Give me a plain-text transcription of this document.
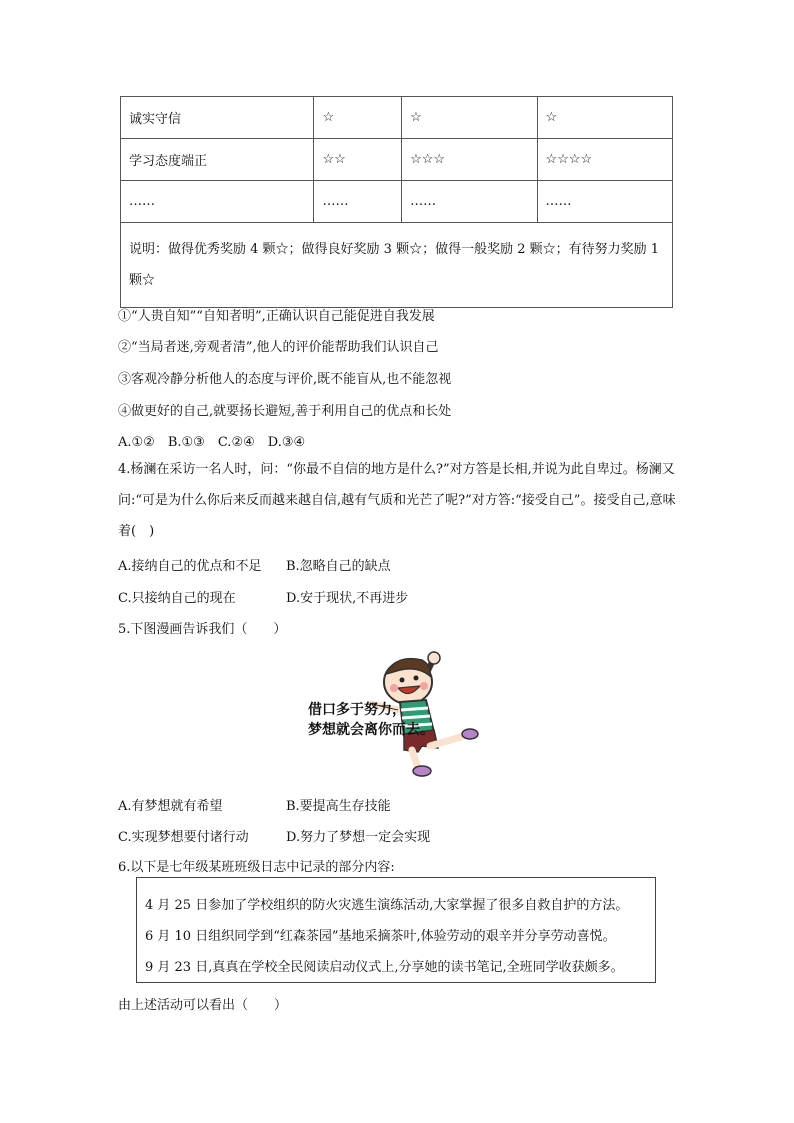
诚实守信	☆	☆	☆
学习态度端正	☆☆	☆☆☆	☆☆☆☆
……	……	……	……
说明：做得优秀奖励 4 颗☆；做得良好奖励 3 颗☆；做得一般奖励 2 颗☆；有待努力奖励 1 颗☆			
①“人贵自知”“自知者明”,正确认识自己能促进自我发展
②“当局者迷,旁观者清”,他人的评价能帮助我们认识自己
③客观冷静分析他人的态度与评价,既不能盲从,也不能忽视
④做更好的自己,就要扬长避短,善于利用自己的优点和长处
A.①②　B.①③　C.②④　D.③④
4.杨澜在采访一名人时，问：“你最不自信的地方是什么?”对方答是长相,并说为此自卑过。杨澜又问:“可是为什么你后来反而越来越自信,越有气质和光芒了呢?”对方答:“接受自己”。接受自己,意味着(　)
A.接纳自己的优点和不足 B.忽略自己的缺点
C.只接纳自己的现在	D.安于现状,不再进步
5.下图漫画告诉我们（　　）
借口多于努力，
梦想就会离你而去。
A.有梦想就有希望	B.要提高生存技能
C.实现梦想要付诸行动	D.努力了梦想一定会实现
6.以下是七年级某班班级日志中记录的部分内容:
4 月 25 日参加了学校组织的防火灾逃生演练活动,大家掌握了很多自救自护的方法。
6 月 10 日组织同学到“红森茶园”基地采摘茶叶,体验劳动的艰辛并分享劳动喜悦。
9 月 23 日,真真在学校全民阅读启动仪式上,分享她的读书笔记,全班同学收获颇多。
由上述活动可以看出（　　）
